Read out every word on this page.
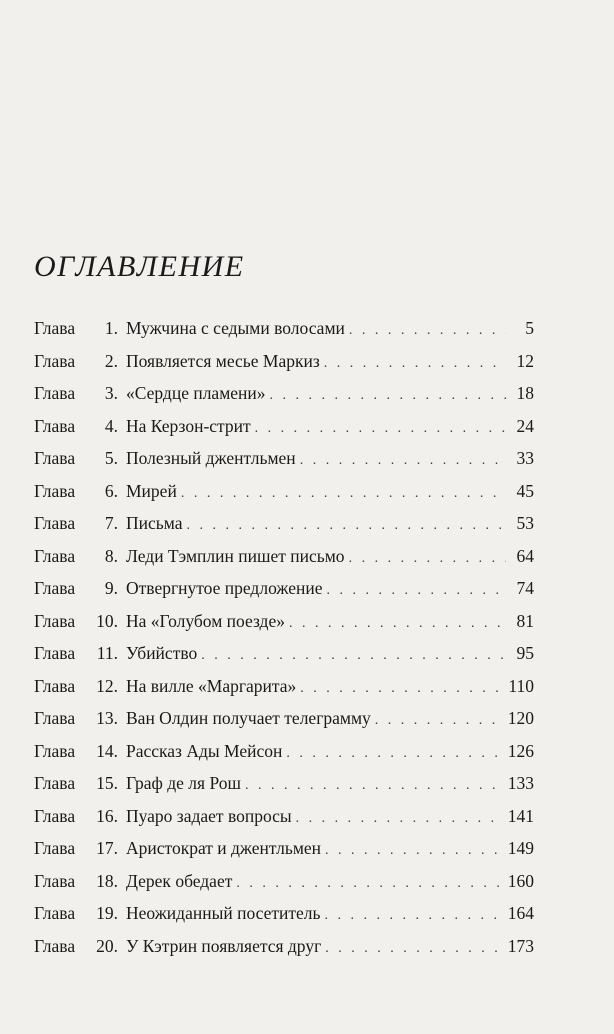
ОГЛАВЛЕНИЕ
Глава	1. Мужчина с седыми волосами . . .	5
Глава	2. Появляется месье Маркиз . . .	12
Глава	3. «Сердце пламени» . . .	18
Глава	4. На Керзон-стрит . . .	24
Глава	5. Полезный джентльмен . . .	33
Глава	6. Мирей . . .	45
Глава	7. Письма . . .	53
Глава	8. Леди Тэмплин пишет письмо . . .	64
Глава	9. Отвергнутое предложение . . .	74
Глава	10. На «Голубом поезде» . . .	81
Глава	11. Убийство . . .	95
Глава	12. На вилле «Маргарита» . . .	110
Глава	13. Ван Олдин получает телеграмму . . .	120
Глава	14. Рассказ Ады Мейсон . . .	126
Глава	15. Граф де ля Рош . . .	133
Глава	16. Пуаро задает вопросы . . .	141
Глава	17. Аристократ и джентльмен . . .	149
Глава	18. Дерек обедает . . .	160
Глава	19. Неожиданный посетитель . . .	164
Глава	20. У Кэтрин появляется друг . . .	173
